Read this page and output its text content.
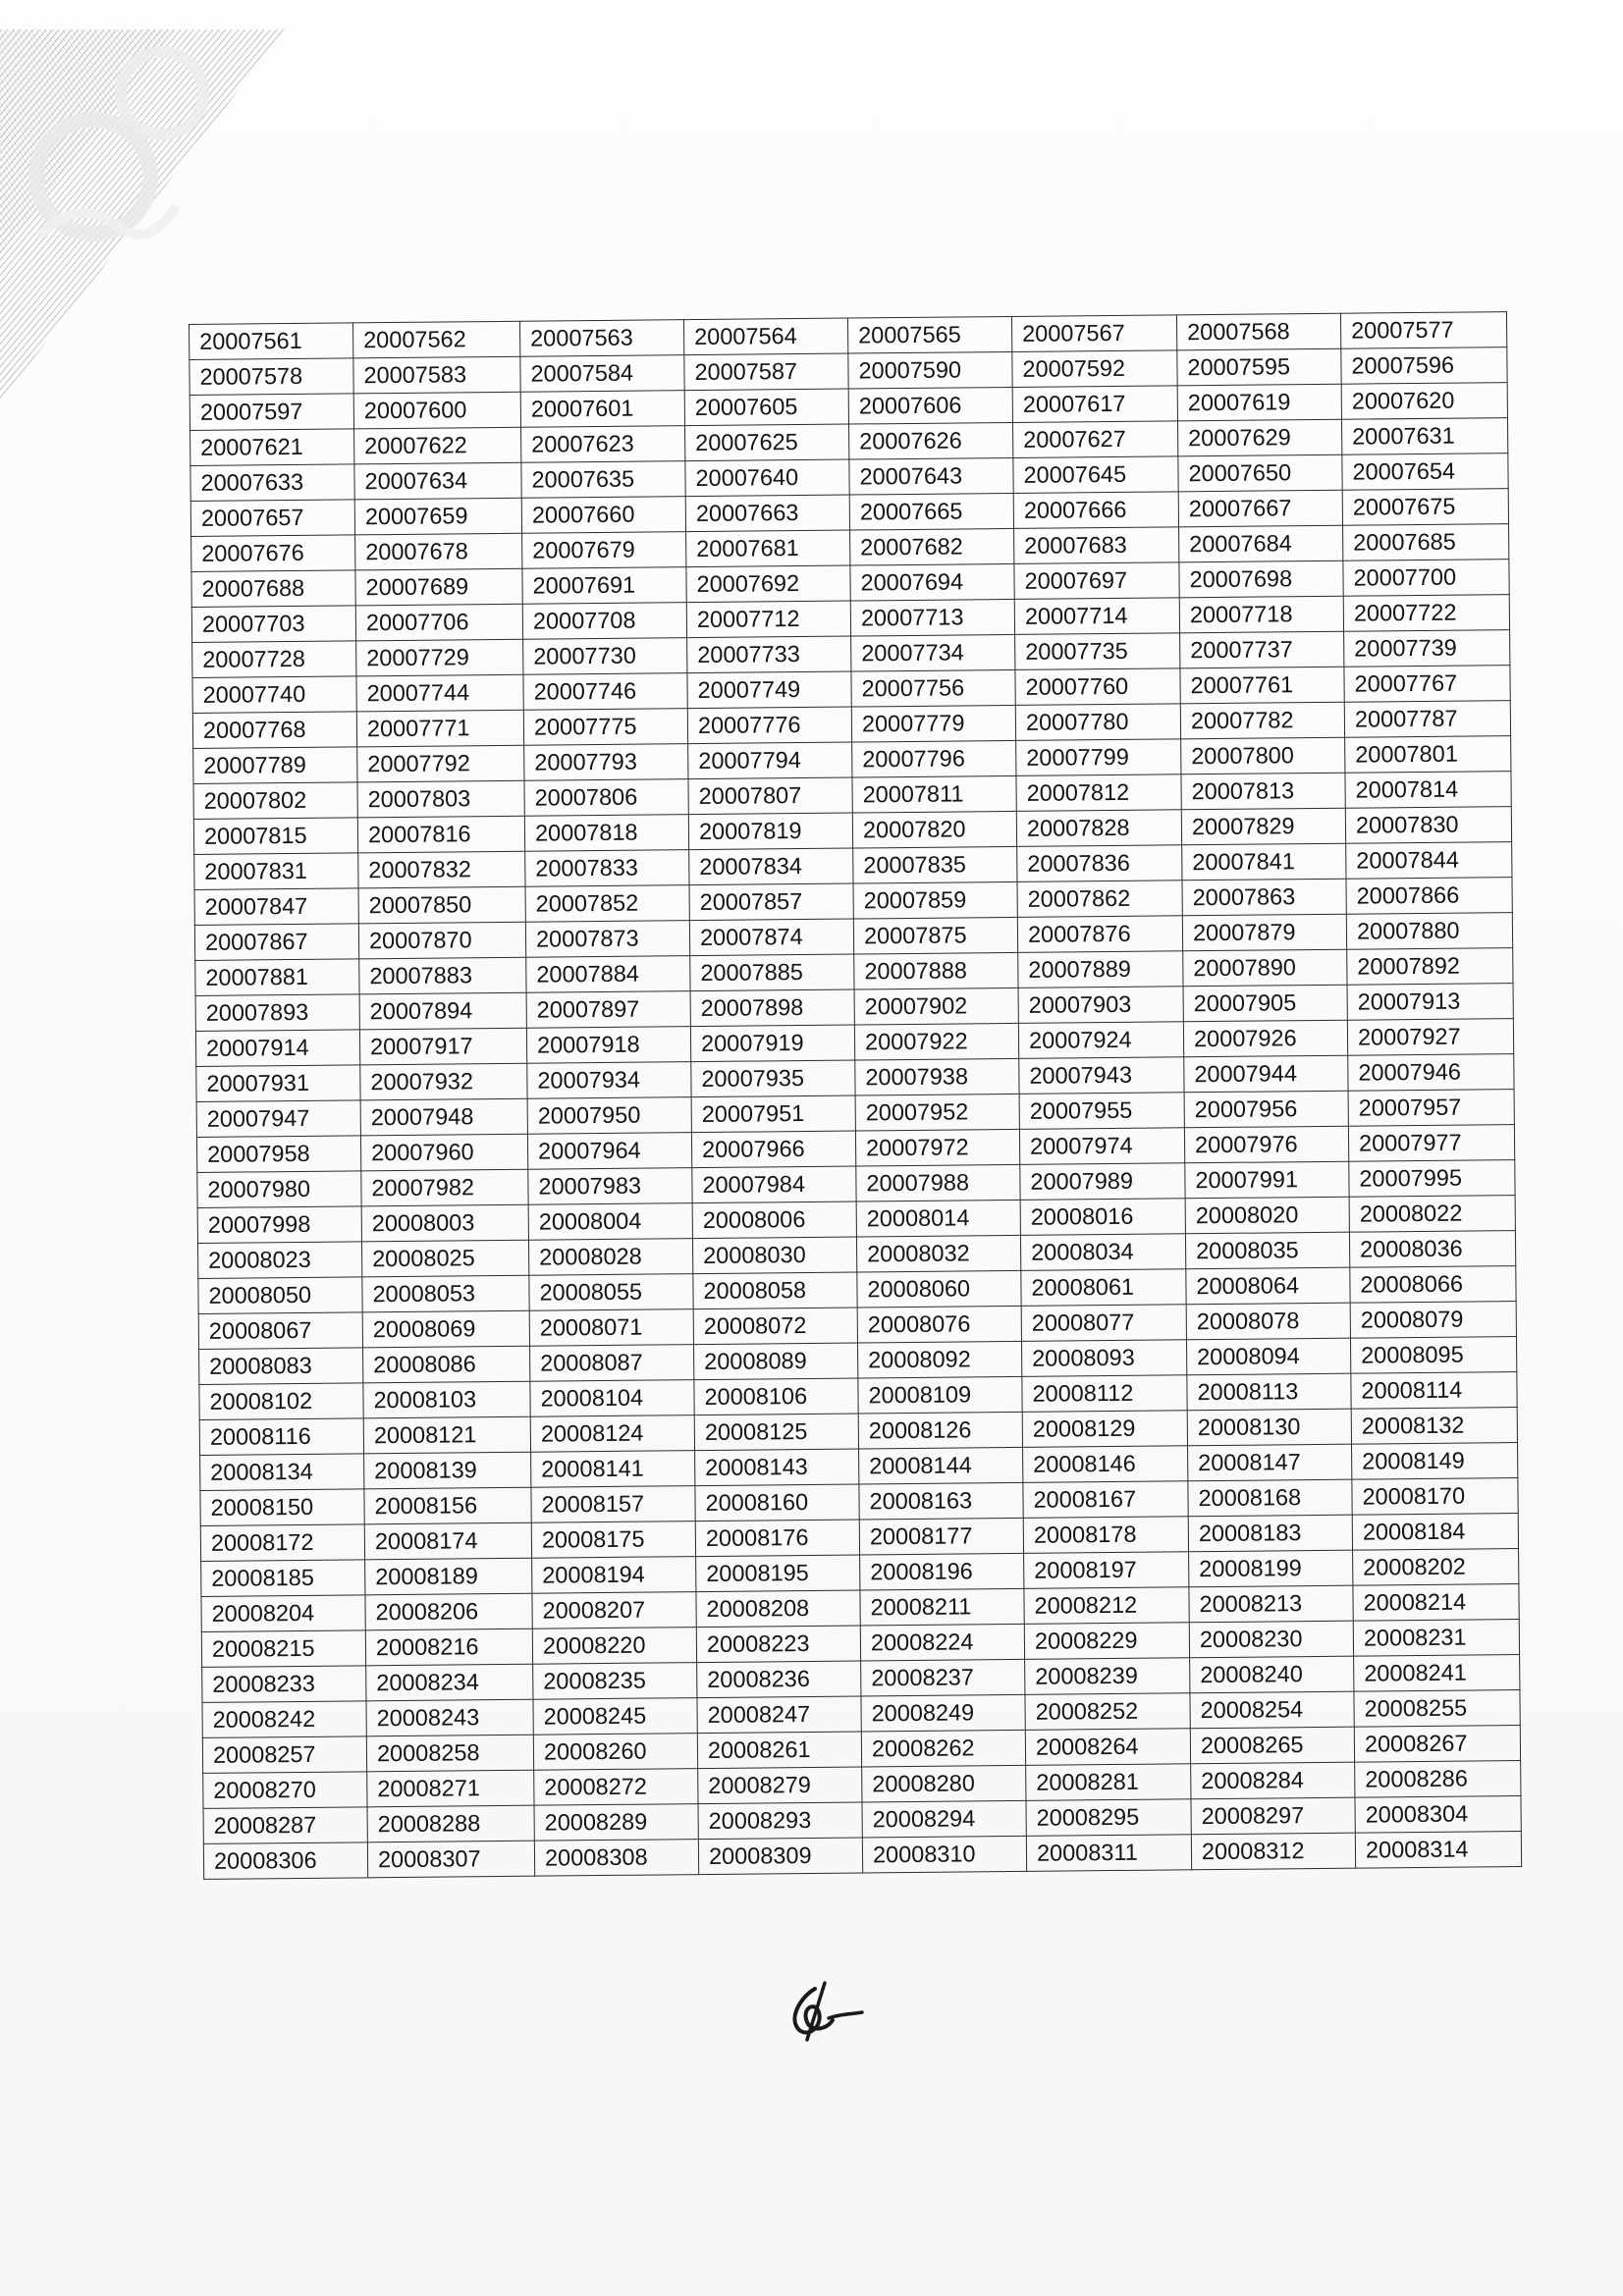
20007561	20007562	20007563	20007564	20007565	20007567	20007568	20007577
20007578	20007583	20007584	20007587	20007590	20007592	20007595	20007596
20007597	20007600	20007601	20007605	20007606	20007617	20007619	20007620
20007621	20007622	20007623	20007625	20007626	20007627	20007629	20007631
20007633	20007634	20007635	20007640	20007643	20007645	20007650	20007654
20007657	20007659	20007660	20007663	20007665	20007666	20007667	20007675
20007676	20007678	20007679	20007681	20007682	20007683	20007684	20007685
20007688	20007689	20007691	20007692	20007694	20007697	20007698	20007700
20007703	20007706	20007708	20007712	20007713	20007714	20007718	20007722
20007728	20007729	20007730	20007733	20007734	20007735	20007737	20007739
20007740	20007744	20007746	20007749	20007756	20007760	20007761	20007767
20007768	20007771	20007775	20007776	20007779	20007780	20007782	20007787
20007789	20007792	20007793	20007794	20007796	20007799	20007800	20007801
20007802	20007803	20007806	20007807	20007811	20007812	20007813	20007814
20007815	20007816	20007818	20007819	20007820	20007828	20007829	20007830
20007831	20007832	20007833	20007834	20007835	20007836	20007841	20007844
20007847	20007850	20007852	20007857	20007859	20007862	20007863	20007866
20007867	20007870	20007873	20007874	20007875	20007876	20007879	20007880
20007881	20007883	20007884	20007885	20007888	20007889	20007890	20007892
20007893	20007894	20007897	20007898	20007902	20007903	20007905	20007913
20007914	20007917	20007918	20007919	20007922	20007924	20007926	20007927
20007931	20007932	20007934	20007935	20007938	20007943	20007944	20007946
20007947	20007948	20007950	20007951	20007952	20007955	20007956	20007957
20007958	20007960	20007964	20007966	20007972	20007974	20007976	20007977
20007980	20007982	20007983	20007984	20007988	20007989	20007991	20007995
20007998	20008003	20008004	20008006	20008014	20008016	20008020	20008022
20008023	20008025	20008028	20008030	20008032	20008034	20008035	20008036
20008050	20008053	20008055	20008058	20008060	20008061	20008064	20008066
20008067	20008069	20008071	20008072	20008076	20008077	20008078	20008079
20008083	20008086	20008087	20008089	20008092	20008093	20008094	20008095
20008102	20008103	20008104	20008106	20008109	20008112	20008113	20008114
20008116	20008121	20008124	20008125	20008126	20008129	20008130	20008132
20008134	20008139	20008141	20008143	20008144	20008146	20008147	20008149
20008150	20008156	20008157	20008160	20008163	20008167	20008168	20008170
20008172	20008174	20008175	20008176	20008177	20008178	20008183	20008184
20008185	20008189	20008194	20008195	20008196	20008197	20008199	20008202
20008204	20008206	20008207	20008208	20008211	20008212	20008213	20008214
20008215	20008216	20008220	20008223	20008224	20008229	20008230	20008231
20008233	20008234	20008235	20008236	20008237	20008239	20008240	20008241
20008242	20008243	20008245	20008247	20008249	20008252	20008254	20008255
20008257	20008258	20008260	20008261	20008262	20008264	20008265	20008267
20008270	20008271	20008272	20008279	20008280	20008281	20008284	20008286
20008287	20008288	20008289	20008293	20008294	20008295	20008297	20008304
20008306	20008307	20008308	20008309	20008310	20008311	20008312	20008314
